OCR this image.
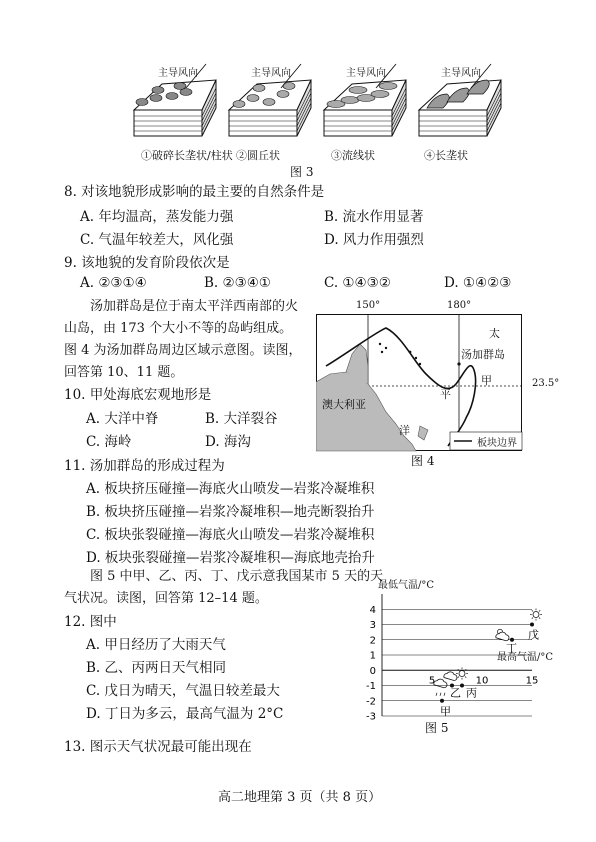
主导风向	主导风向	主导风向	主导风向
①破碎长垄状/柱状 ②圆丘状	③流线状	④长垄状
图 3
8. 对该地貌形成影响的最主要的自然条件是
A. 年均温高，蒸发能力强	B. 流水作用显著
C. 气温年较差大，风化强	D. 风力作用强烈
9. 该地貌的发育阶段依次是
A. ②③①④	B. ②③④①	C. ①④③②	D. ①④②③
汤加群岛是位于南太平洋西南部的火山岛，由 173 个大小不等的岛屿组成。图 4 为汤加群岛周边区域示意图。读图，回答第 10、11 题。
150°	180°
太
汤加群岛
甲	23.5°
平
澳大利亚
洋
板块边界
图 4
10. 甲处海底宏观地形是
A. 大洋中脊	B. 大洋裂谷
C. 海岭	D. 海沟
11. 汤加群岛的形成过程为
A. 板块挤压碰撞—海底火山喷发—岩浆冷凝堆积
B. 板块挤压碰撞—岩浆冷凝堆积—地壳断裂抬升
C. 板块张裂碰撞—海底火山喷发—岩浆冷凝堆积
D. 板块张裂碰撞—岩浆冷凝堆积—海底地壳抬升
图 5 中甲、乙、丙、丁、戊示意我国某市 5 天的天气状况。读图，回答第 12–14 题。
12. 图中
A. 甲日经历了大雨天气
B. 乙、丙两日天气相同
C. 戊日为晴天，气温日较差最大
D. 丁日为多云，最高气温为 2°C
最低气温/°C
4
3
2
1
0
-1
-2
-3
5	10	15
甲
乙 丙
丁
戊
最高气温/°C
图 5
13. 图示天气状况最可能出现在
高二地理第 3 页（共 8 页）
